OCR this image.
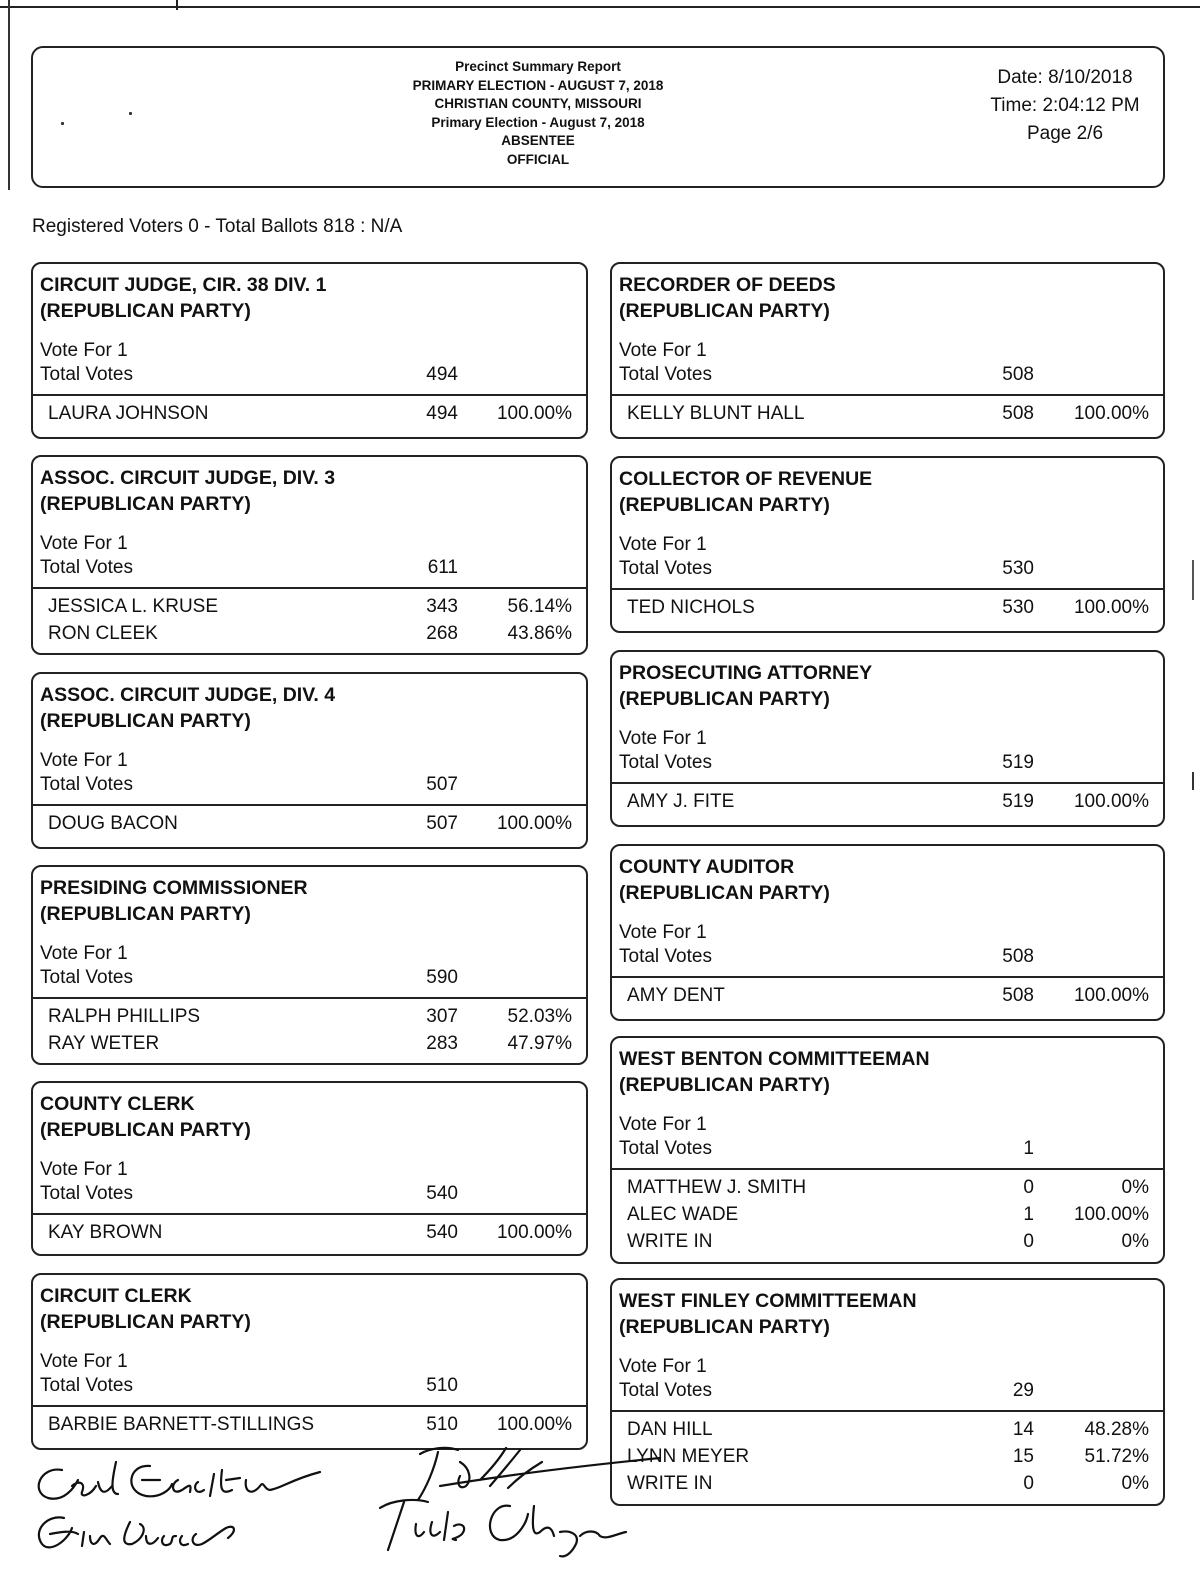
Precinct Summary Report
PRIMARY ELECTION - AUGUST 7, 2018
CHRISTIAN COUNTY, MISSOURI
Primary Election - August 7, 2018
ABSENTEE
OFFICIAL
Date: 8/10/2018
Time: 2:04:12 PM
Page 2/6
Registered Voters 0 - Total Ballots 818 : N/A
CIRCUIT JUDGE, CIR. 38 DIV. 1
(REPUBLICAN PARTY)
Vote For 1
Total Votes	494
LAURA JOHNSON	494	100.00%
ASSOC. CIRCUIT JUDGE, DIV. 3
(REPUBLICAN PARTY)
Vote For 1
Total Votes	611
JESSICA L. KRUSE	343	56.14%
RON CLEEK	268	43.86%
ASSOC. CIRCUIT JUDGE, DIV. 4
(REPUBLICAN PARTY)
Vote For 1
Total Votes	507
DOUG BACON	507	100.00%
PRESIDING COMMISSIONER
(REPUBLICAN PARTY)
Vote For 1
Total Votes	590
RALPH PHILLIPS	307	52.03%
RAY WETER	283	47.97%
COUNTY CLERK
(REPUBLICAN PARTY)
Vote For 1
Total Votes	540
KAY BROWN	540	100.00%
CIRCUIT CLERK
(REPUBLICAN PARTY)
Vote For 1
Total Votes	510
BARBIE BARNETT-STILLINGS	510	100.00%
RECORDER OF DEEDS
(REPUBLICAN PARTY)
Vote For 1
Total Votes	508
KELLY BLUNT HALL	508	100.00%
COLLECTOR OF REVENUE
(REPUBLICAN PARTY)
Vote For 1
Total Votes	530
TED NICHOLS	530	100.00%
PROSECUTING ATTORNEY
(REPUBLICAN PARTY)
Vote For 1
Total Votes	519
AMY J. FITE	519	100.00%
COUNTY AUDITOR
(REPUBLICAN PARTY)
Vote For 1
Total Votes	508
AMY DENT	508	100.00%
WEST BENTON COMMITTEEMAN
(REPUBLICAN PARTY)
Vote For 1
Total Votes	1
MATTHEW J. SMITH	0	0%
ALEC WADE	1	100.00%
WRITE IN	0	0%
WEST FINLEY COMMITTEEMAN
(REPUBLICAN PARTY)
Vote For 1
Total Votes	29
DAN HILL	14	48.28%
LYNN MEYER	15	51.72%
WRITE IN	0	0%
